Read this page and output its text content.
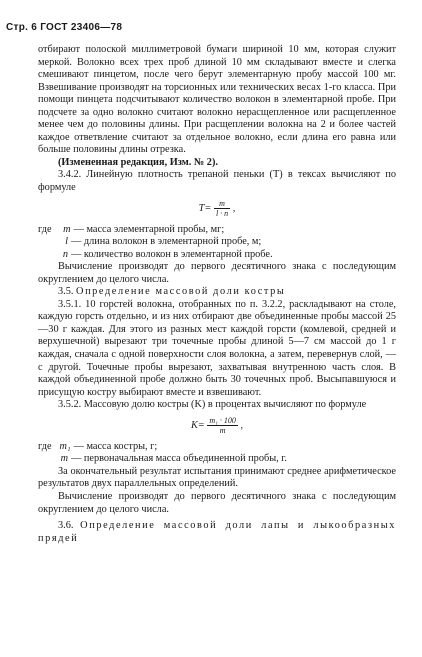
Стр. 6 ГОСТ 23406—78

отбирают полоской миллиметровой бумаги шириной 10 мм, которая служит меркой. Волокно всех трех проб длиной 10 мм складывают вместе и слегка смешивают пинцетом, после чего берут элементарную пробу массой 100 мг. Взвешивание производят на торсионных или технических весах 1-го класса. При помощи пинцета подсчитывают количество волокон в элементарной пробе. При подсчете за одно волокно считают волокно нерасщепленное или расщепленное менее чем до половины длины. При расщеплении волокна на 2 и более частей каждое ответвление считают за отдельное волокно, если длина его равна или больше половины длины отрезка.

(Измененная редакция, Изм. № 2).

3.4.2. Линейную плотность трепаной пеньки (T) в тексах вычисляют по формуле

$T= \frac{m}{l \cdot n}$ ,
где m — масса элементарной пробы, мг;
l — длина волокон в элементарной пробе, м;
n — количество волокон в элементарной пробе.

Вычисление производят до первого десятичного знака с последующим округлением до целого числа.

3.5. Определение массовой доли костры

3.5.1. 10 горстей волокна, отобранных по п. 3.2.2, раскладывают на столе, каждую горсть отдельно, и из них отбирают две объединенные пробы массой 25—30 г каждая. Для этого из разных мест каждой горсти (комлевой, средней и верхушечной) вырезают три точечные пробы длиной 5—7 см массой до 1 г каждая, сначала с одной поверхности слоя волокна, а затем, перевернув слой, — с другой. Точечные пробы вырезают, захватывая внутренною часть слоя. В каждой объединенной пробе должно быть 30 точечных проб. Высыпавшуюся и присущую кострy выбирают вместе и взвешивают.

3.5.2. Массовую долю костры (K) в процентах вычисляют по формуле

$K= \frac{\text{m₁ · 100}}{m}$ ,
где m₁ — масса костры, г;
m — первоначальная масса объединенной пробы, г.

За окончательный результат испытания принимают среднее арифметическое результатов двух параллельных определений.

Вычисление производят до первого десятичного знака с последующим округлением до целого числа.

3.6. Определение массовой доли лапы и лыкообразных прядей
